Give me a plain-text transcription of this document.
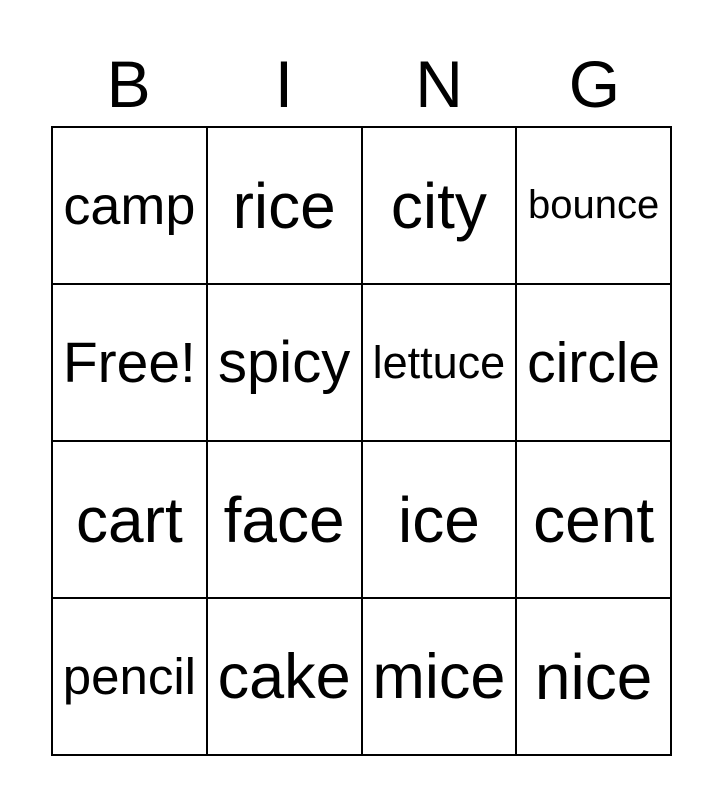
B	I	N	G
camp	rice	city	bounce
Free!	spicy	lettuce	circle
cart	face	ice	cent
pencil	cake	mice	nice
